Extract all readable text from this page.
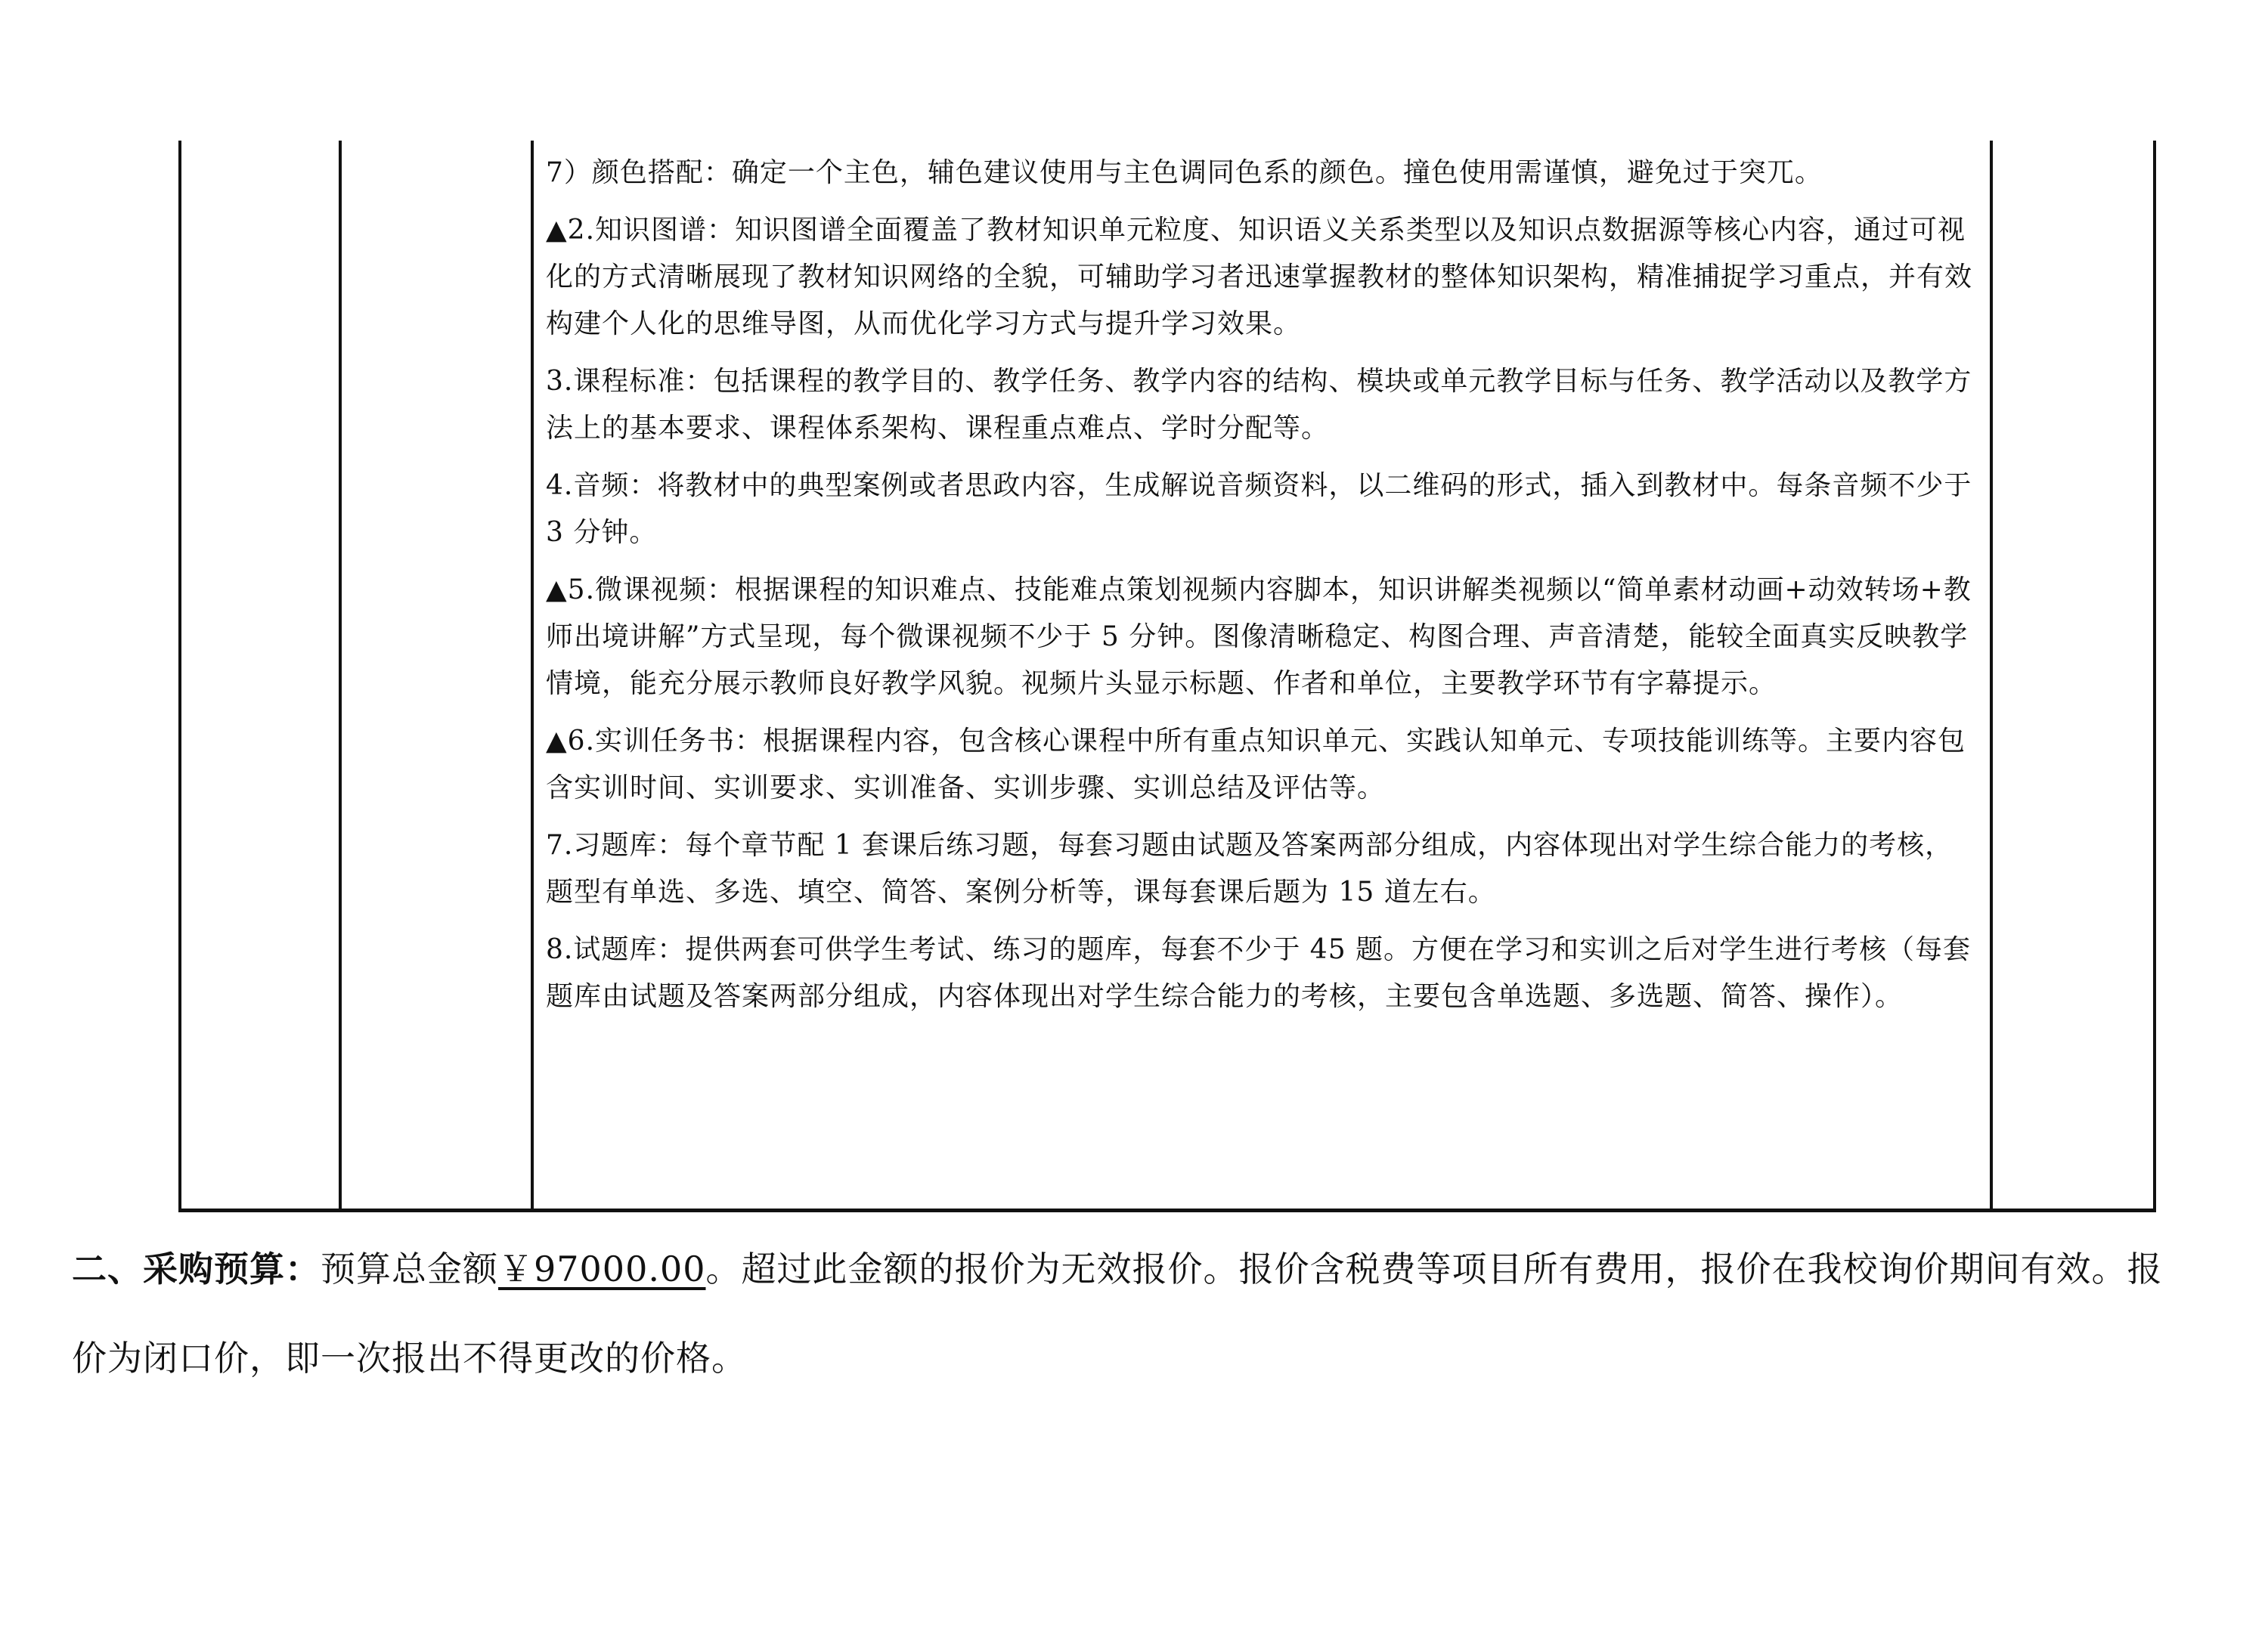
7）颜色搭配：确定一个主色，辅色建议使用与主色调同色系的颜色。撞色使用需谨慎，避免过于突兀。

▲2.知识图谱：知识图谱全面覆盖了教材知识单元粒度、知识语义关系类型以及知识点数据源等核心内容，通过可视化的方式清晰展现了教材知识网络的全貌，可辅助学习者迅速掌握教材的整体知识架构，精准捕捉学习重点，并有效构建个人化的思维导图，从而优化学习方式与提升学习效果。

3.课程标准：包括课程的教学目的、教学任务、教学内容的结构、模块或单元教学目标与任务、教学活动以及教学方法上的基本要求、课程体系架构、课程重点难点、学时分配等。

4.音频：将教材中的典型案例或者思政内容，生成解说音频资料，以二维码的形式，插入到教材中。每条音频不少于 3 分钟。

▲5.微课视频：根据课程的知识难点、技能难点策划视频内容脚本，知识讲解类视频以“简单素材动画+动效转场+教师出境讲解”方式呈现，每个微课视频不少于 5 分钟。图像清晰稳定、构图合理、声音清楚，能较全面真实反映教学情境，能充分展示教师良好教学风貌。视频片头显示标题、作者和单位，主要教学环节有字幕提示。

▲6.实训任务书：根据课程内容，包含核心课程中所有重点知识单元、实践认知单元、专项技能训练等。主要内容包含实训时间、实训要求、实训准备、实训步骤、实训总结及评估等。

7.习题库：每个章节配 1 套课后练习题，每套习题由试题及答案两部分组成，内容体现出对学生综合能力的考核，题型有单选、多选、填空、简答、案例分析等，课每套课后题为 15 道左右。

8.试题库：提供两套可供学生考试、练习的题库，每套不少于 45 题。方便在学习和实训之后对学生进行考核（每套题库由试题及答案两部分组成，内容体现出对学生综合能力的考核，主要包含单选题、多选题、简答、操作）。

二、采购预算：预算总金额￥97000.00。超过此金额的报价为无效报价。报价含税费等项目所有费用，报价在我校询价期间有效。报价为闭口价，即一次报出不得更改的价格。
